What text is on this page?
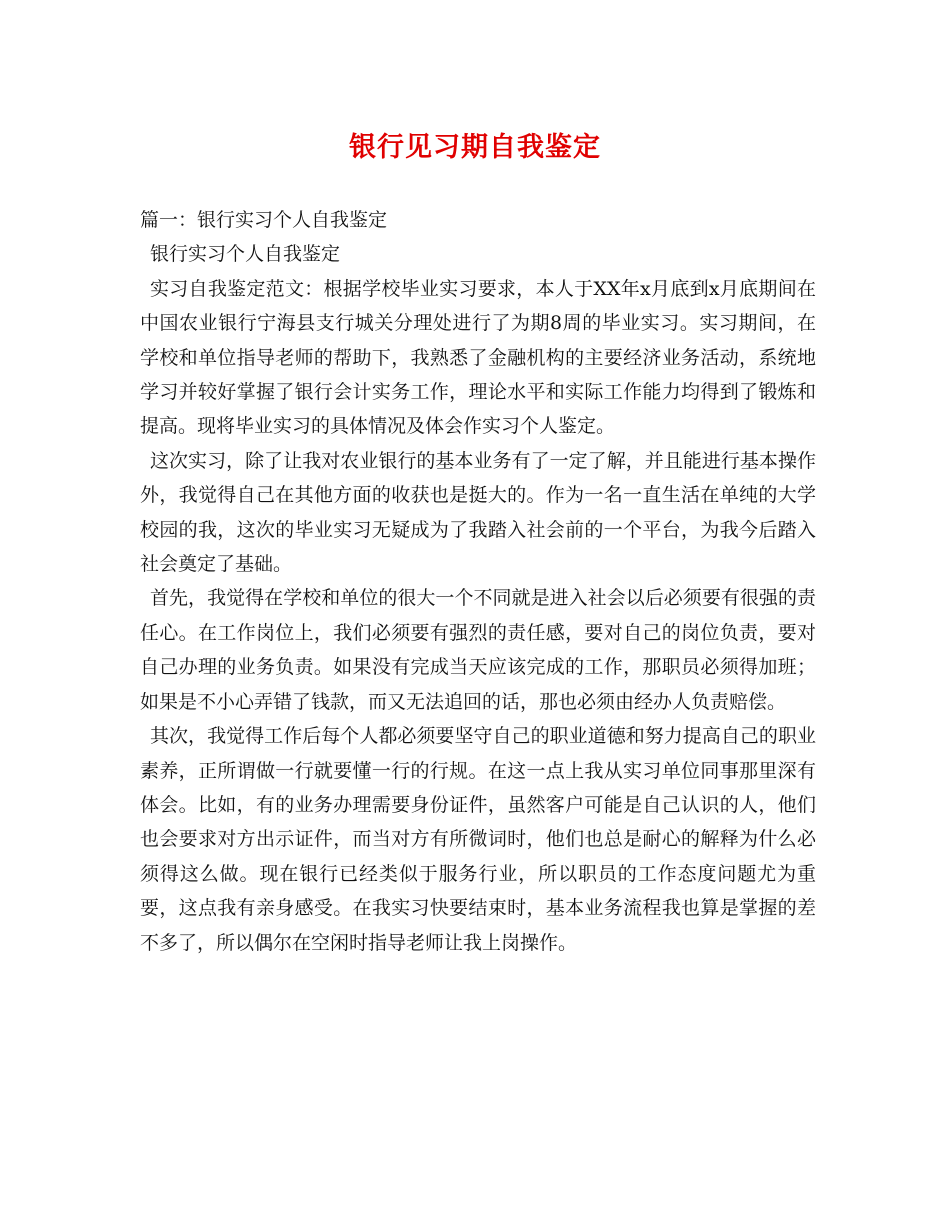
银行见习期自我鉴定

篇一：银行实习个人自我鉴定

银行实习个人自我鉴定

实习自我鉴定范文：根据学校毕业实习要求，本人于XX年x月底到x月底期间在中国农业银行宁海县支行城关分理处进行了为期8周的毕业实习。实习期间，在学校和单位指导老师的帮助下，我熟悉了金融机构的主要经济业务活动，系统地学习并较好掌握了银行会计实务工作，理论水平和实际工作能力均得到了锻炼和提高。现将毕业实习的具体情况及体会作实习个人鉴定。

这次实习，除了让我对农业银行的基本业务有了一定了解，并且能进行基本操作外，我觉得自己在其他方面的收获也是挺大的。作为一名一直生活在单纯的大学校园的我，这次的毕业实习无疑成为了我踏入社会前的一个平台，为我今后踏入社会奠定了基础。

首先，我觉得在学校和单位的很大一个不同就是进入社会以后必须要有很强的责任心。在工作岗位上，我们必须要有强烈的责任感，要对自己的岗位负责，要对自己办理的业务负责。如果没有完成当天应该完成的工作，那职员必须得加班；如果是不小心弄错了钱款，而又无法追回的话，那也必须由经办人负责赔偿。

其次，我觉得工作后每个人都必须要坚守自己的职业道德和努力提高自己的职业素养，正所谓做一行就要懂一行的行规。在这一点上我从实习单位同事那里深有体会。比如，有的业务办理需要身份证件，虽然客户可能是自己认识的人，他们也会要求对方出示证件，而当对方有所微词时，他们也总是耐心的解释为什么必须得这么做。现在银行已经类似于服务行业，所以职员的工作态度问题尤为重要，这点我有亲身感受。在我实习快要结束时，基本业务流程我也算是掌握的差不多了，所以偶尔在空闲时指导老师让我上岗操作。
